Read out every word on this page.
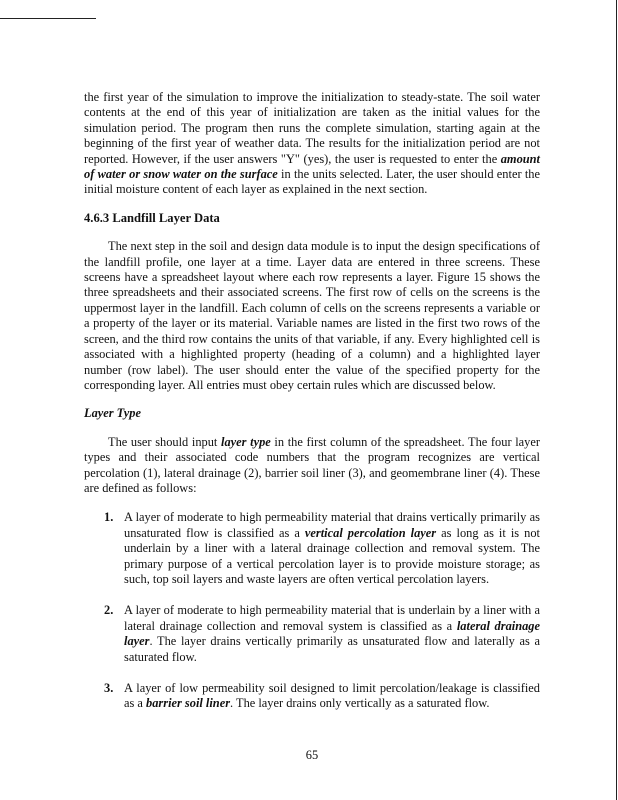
the first year of the simulation to improve the initialization to steady-state. The soil water contents at the end of this year of initialization are taken as the initial values for the simulation period. The program then runs the complete simulation, starting again at the beginning of the first year of weather data. The results for the initialization period are not reported. However, if the user answers "Y" (yes), the user is requested to enter the amount of water or snow water on the surface in the units selected. Later, the user should enter the initial moisture content of each layer as explained in the next section.

4.6.3 Landfill Layer Data

The next step in the soil and design data module is to input the design specifications of the landfill profile, one layer at a time. Layer data are entered in three screens. These screens have a spreadsheet layout where each row represents a layer. Figure 15 shows the three spreadsheets and their associated screens. The first row of cells on the screens is the uppermost layer in the landfill. Each column of cells on the screens represents a variable or a property of the layer or its material. Variable names are listed in the first two rows of the screen, and the third row contains the units of that variable, if any. Every highlighted cell is associated with a highlighted property (heading of a column) and a highlighted layer number (row label). The user should enter the value of the specified property for the corresponding layer. All entries must obey certain rules which are discussed below.

Layer Type

The user should input layer type in the first column of the spreadsheet. The four layer types and their associated code numbers that the program recognizes are vertical percolation (1), lateral drainage (2), barrier soil liner (3), and geomembrane liner (4). These are defined as follows:

1. A layer of moderate to high permeability material that drains vertically primarily as unsaturated flow is classified as a vertical percolation layer as long as it is not underlain by a liner with a lateral drainage collection and removal system. The primary purpose of a vertical percolation layer is to provide moisture storage; as such, top soil layers and waste layers are often vertical percolation layers.
2. A layer of moderate to high permeability material that is underlain by a liner with a lateral drainage collection and removal system is classified as a lateral drainage layer. The layer drains vertically primarily as unsaturated flow and laterally as a saturated flow.
3. A layer of low permeability soil designed to limit percolation/leakage is classified as a barrier soil liner. The layer drains only vertically as a saturated flow.
65
